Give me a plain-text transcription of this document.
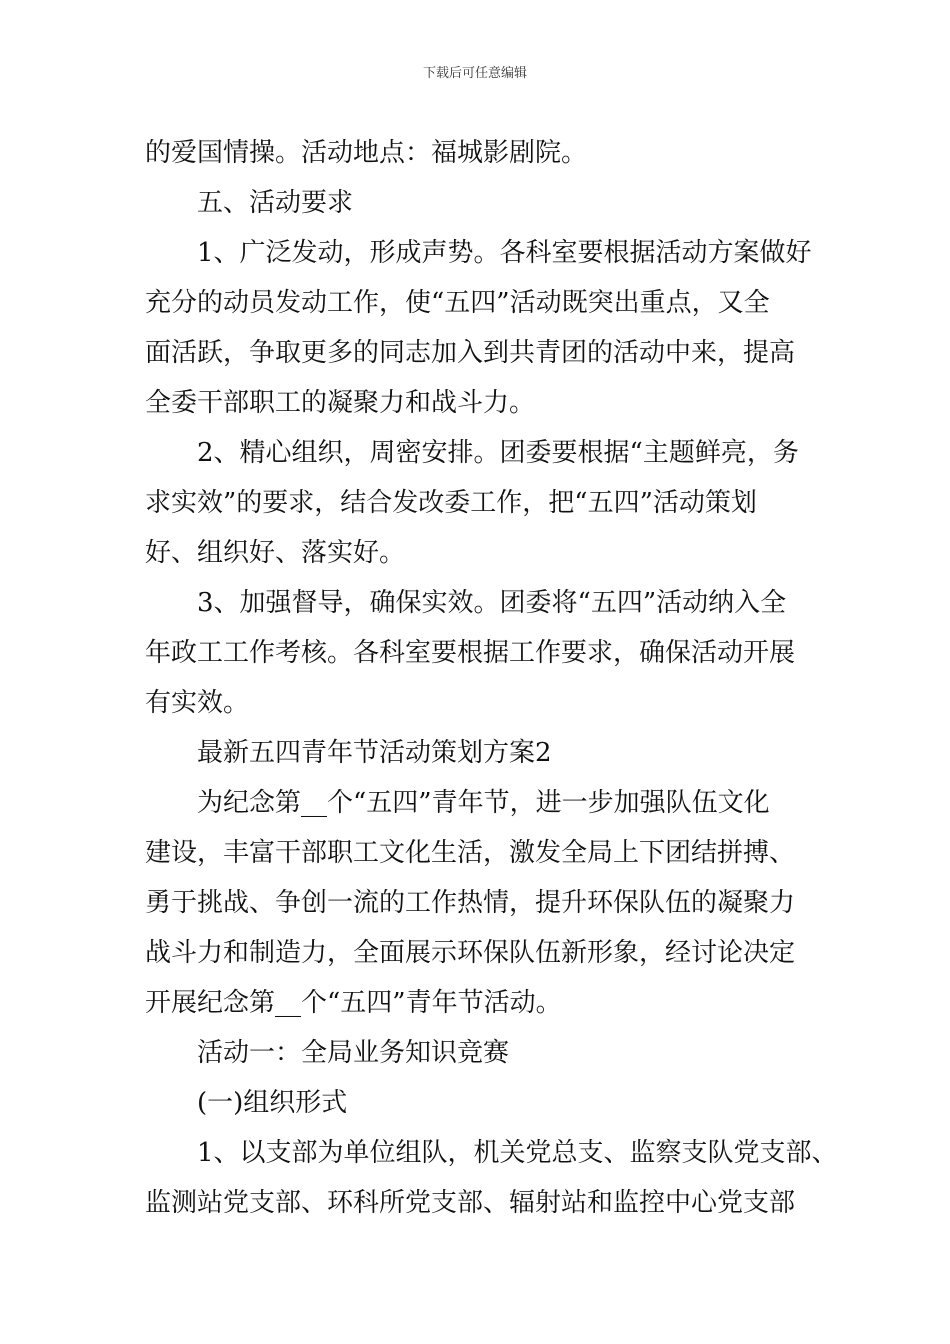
下载后可任意编辑
的爱国情操。活动地点：福城影剧院。
五、活动要求
1、广泛发动，形成声势。各科室要根据活动方案做好
充分的动员发动工作，使“五四”活动既突出重点，又全
面活跃，争取更多的同志加入到共青团的活动中来，提高
全委干部职工的凝聚力和战斗力。
2、精心组织，周密安排。团委要根据“主题鲜亮，务
求实效”的要求，结合发改委工作，把“五四”活动策划
好、组织好、落实好。
3、加强督导，确保实效。团委将“五四”活动纳入全
年政工工作考核。各科室要根据工作要求，确保活动开展
有实效。
最新五四青年节活动策划方案2
为纪念第__个“五四”青年节，进一步加强队伍文化
建设，丰富干部职工文化生活，激发全局上下团结拼搏、
勇于挑战、争创一流的工作热情，提升环保队伍的凝聚力
战斗力和制造力，全面展示环保队伍新形象，经讨论决定
开展纪念第__个“五四”青年节活动。
活动一：全局业务知识竞赛
(一)组织形式
1、以支部为单位组队，机关党总支、监察支队党支部、
监测站党支部、环科所党支部、辐射站和监控中心党支部
